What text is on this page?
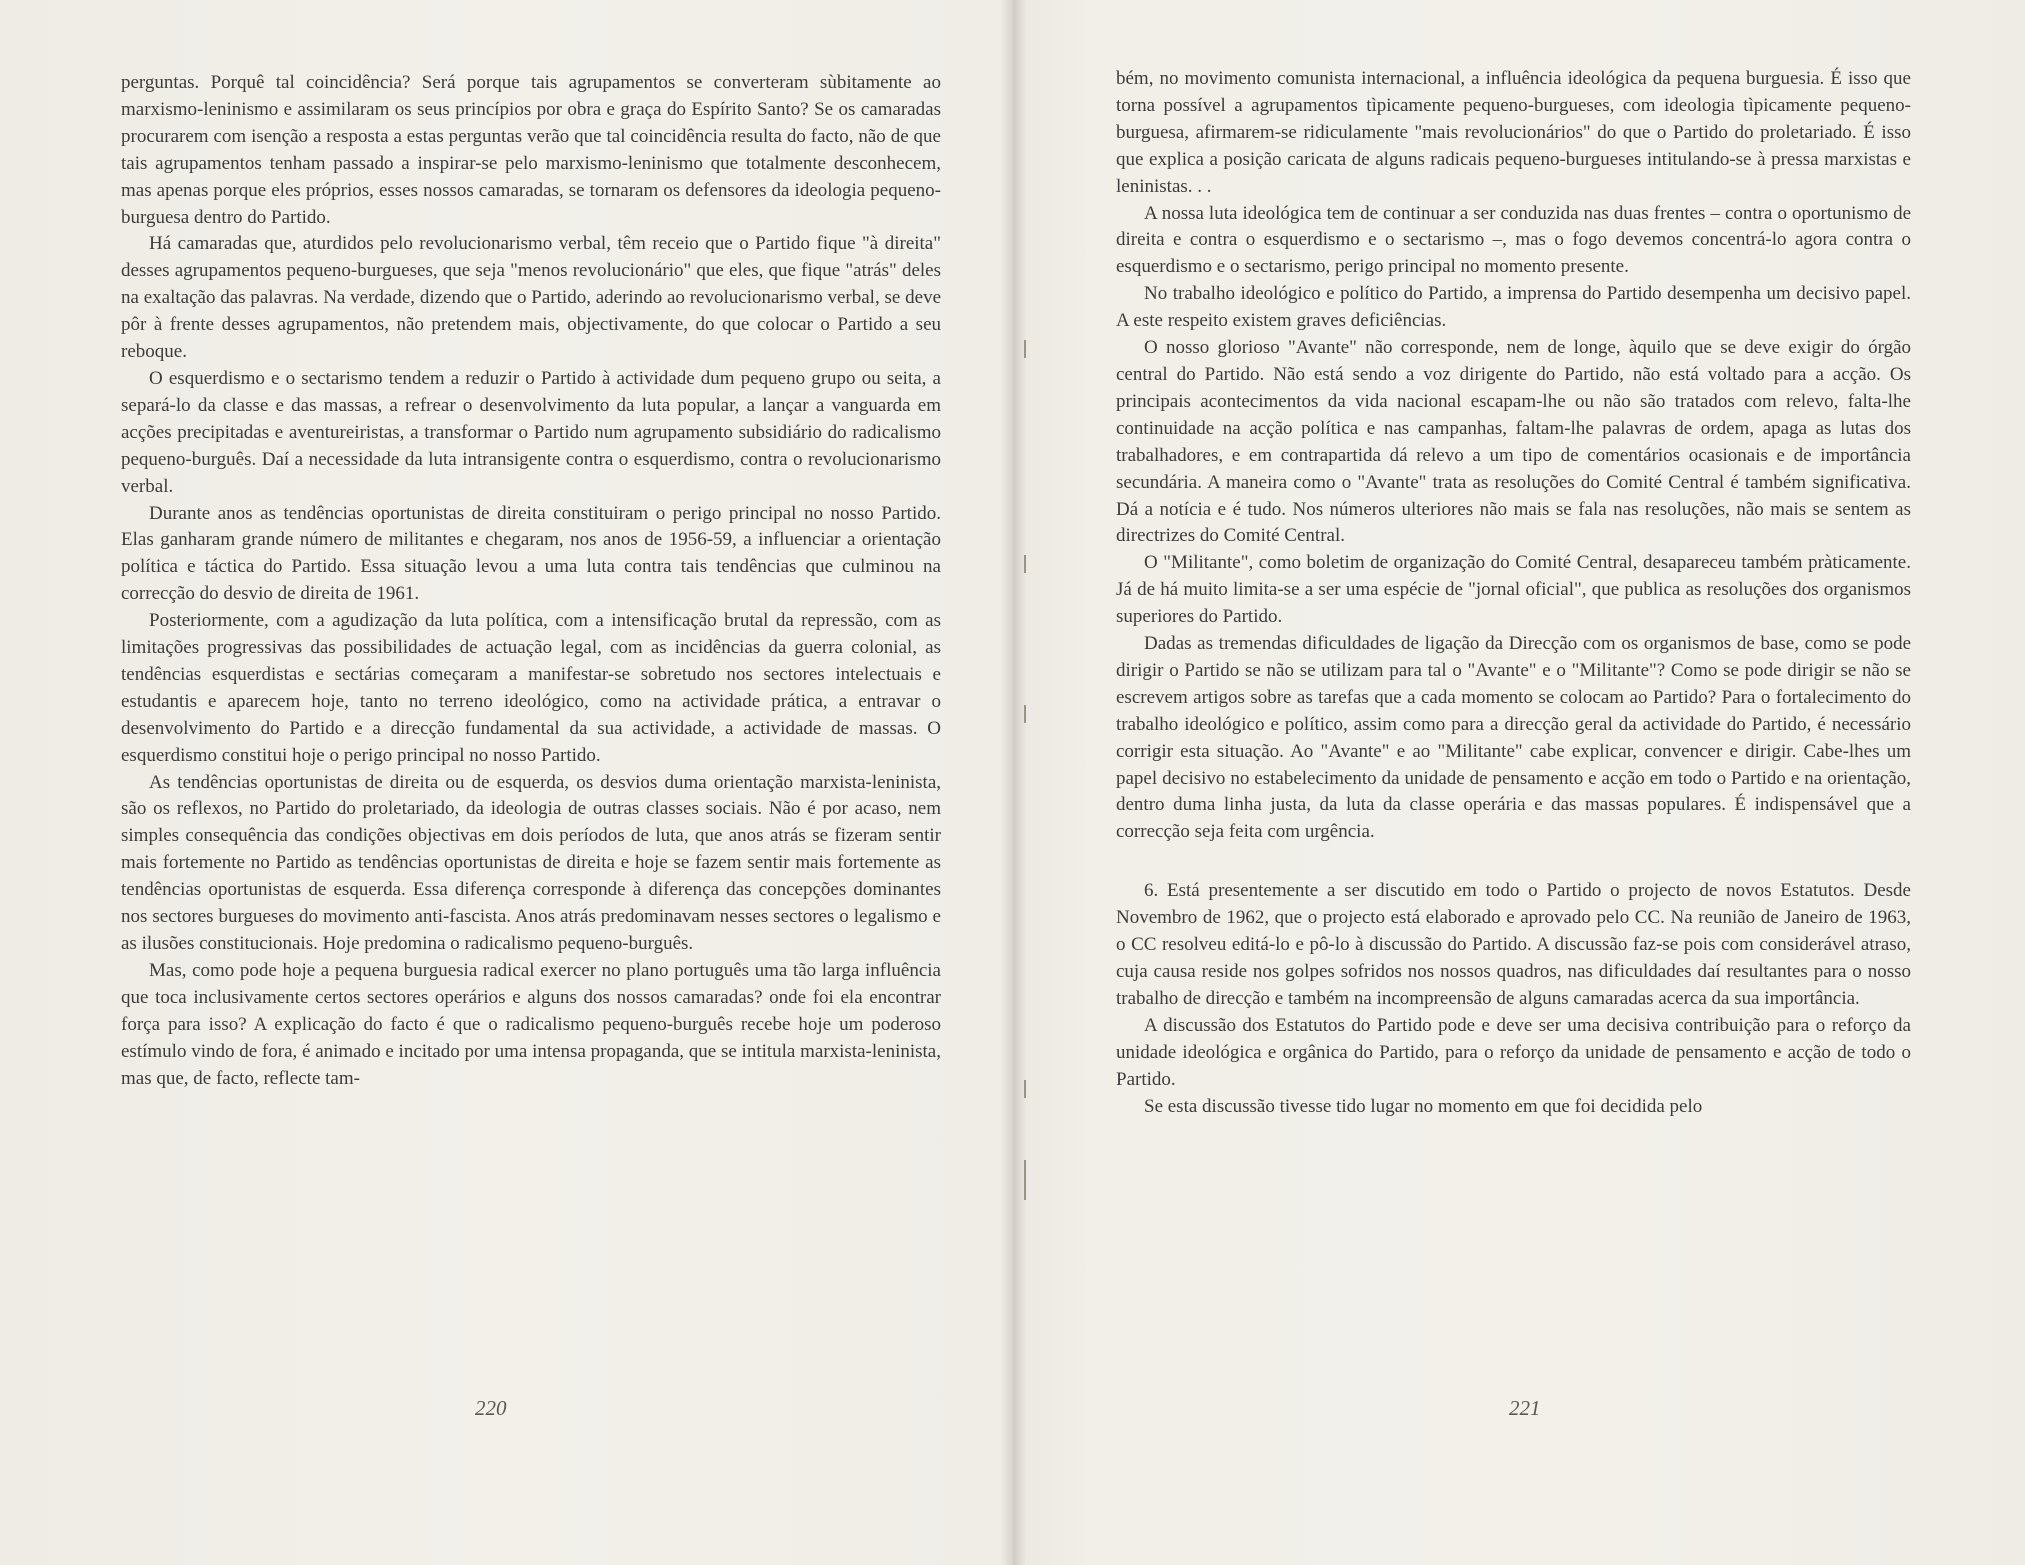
perguntas. Porquê tal coincidência? Será porque tais agrupamentos se converteram sùbitamente ao marxismo-leninismo e assimilaram os seus princípios por obra e graça do Espírito Santo? Se os camaradas procurarem com isenção a resposta a estas perguntas verão que tal coincidência resulta do facto, não de que tais agrupamentos tenham passado a inspirar-se pelo marxismo-leninismo que totalmente desconhecem, mas apenas porque eles próprios, esses nossos camaradas, se tornaram os defensores da ideologia pequeno-burguesa dentro do Partido.

Há camaradas que, aturdidos pelo revolucionarismo verbal, têm receio que o Partido fique "à direita" desses agrupamentos pequeno-burgueses, que seja "menos revolucionário" que eles, que fique "atrás" deles na exaltação das palavras. Na verdade, dizendo que o Partido, aderindo ao revolucionarismo verbal, se deve pôr à frente desses agrupamentos, não pretendem mais, objectivamente, do que colocar o Partido a seu reboque.

O esquerdismo e o sectarismo tendem a reduzir o Partido à actividade dum pequeno grupo ou seita, a separá-lo da classe e das massas, a refrear o desenvolvimento da luta popular, a lançar a vanguarda em acções precipitadas e aventureiristas, a transformar o Partido num agrupamento subsidiário do radicalismo pequeno-burguês. Daí a necessidade da luta intransigente contra o esquerdismo, contra o revolucionarismo verbal.

Durante anos as tendências oportunistas de direita constituiram o perigo principal no nosso Partido. Elas ganharam grande número de militantes e chegaram, nos anos de 1956-59, a influenciar a orientação política e táctica do Partido. Essa situação levou a uma luta contra tais tendências que culminou na correcção do desvio de direita de 1961.

Posteriormente, com a agudização da luta política, com a intensificação brutal da repressão, com as limitações progressivas das possibilidades de actuação legal, com as incidências da guerra colonial, as tendências esquerdistas e sectárias começaram a manifestar-se sobretudo nos sectores intelectuais e estudantis e aparecem hoje, tanto no terreno ideológico, como na actividade prática, a entravar o desenvolvimento do Partido e a direcção fundamental da sua actividade, a actividade de massas. O esquerdismo constitui hoje o perigo principal no nosso Partido.

As tendências oportunistas de direita ou de esquerda, os desvios duma orientação marxista-leninista, são os reflexos, no Partido do proletariado, da ideologia de outras classes sociais. Não é por acaso, nem simples consequência das condições objectivas em dois períodos de luta, que anos atrás se fizeram sentir mais fortemente no Partido as tendências oportunistas de direita e hoje se fazem sentir mais fortemente as tendências oportunistas de esquerda. Essa diferença corresponde à diferença das concepções dominantes nos sectores burgueses do movimento anti-fascista. Anos atrás predominavam nesses sectores o legalismo e as ilusões constitucionais. Hoje predomina o radicalismo pequeno-burguês.

Mas, como pode hoje a pequena burguesia radical exercer no plano português uma tão larga influência que toca inclusivamente certos sectores operários e alguns dos nossos camaradas? onde foi ela encontrar força para isso? A explicação do facto é que o radicalismo pequeno-burguês recebe hoje um poderoso estímulo vindo de fora, é animado e incitado por uma intensa propaganda, que se intitula marxista-leninista, mas que, de facto, reflecte tam-

220

bém, no movimento comunista internacional, a influência ideológica da pequena burguesia. É isso que torna possível a agrupamentos tìpicamente pequeno-burgueses, com ideologia tìpicamente pequeno-burguesa, afirmarem-se ridiculamente "mais revolucionários" do que o Partido do proletariado. É isso que explica a posição caricata de alguns radicais pequeno-burgueses intitulando-se à pressa marxistas e leninistas. . .

A nossa luta ideológica tem de continuar a ser conduzida nas duas frentes – contra o oportunismo de direita e contra o esquerdismo e o sectarismo –, mas o fogo devemos concentrá-lo agora contra o esquerdismo e o sectarismo, perigo principal no momento presente.

No trabalho ideológico e político do Partido, a imprensa do Partido desempenha um decisivo papel. A este respeito existem graves deficiências.

O nosso glorioso "Avante" não corresponde, nem de longe, àquilo que se deve exigir do órgão central do Partido. Não está sendo a voz dirigente do Partido, não está voltado para a acção. Os principais acontecimentos da vida nacional escapam-lhe ou não são tratados com relevo, falta-lhe continuidade na acção política e nas campanhas, faltam-lhe palavras de ordem, apaga as lutas dos trabalhadores, e em contrapartida dá relevo a um tipo de comentários ocasionais e de importância secundária. A maneira como o "Avante" trata as resoluções do Comité Central é também significativa. Dá a notícia e é tudo. Nos números ulteriores não mais se fala nas resoluções, não mais se sentem as directrizes do Comité Central.

O "Militante", como boletim de organização do Comité Central, desapareceu também pràticamente. Já de há muito limita-se a ser uma espécie de "jornal oficial", que publica as resoluções dos organismos superiores do Partido.

Dadas as tremendas dificuldades de ligação da Direcção com os organismos de base, como se pode dirigir o Partido se não se utilizam para tal o "Avante" e o "Militante"? Como se pode dirigir se não se escrevem artigos sobre as tarefas que a cada momento se colocam ao Partido? Para o fortalecimento do trabalho ideológico e político, assim como para a direcção geral da actividade do Partido, é necessário corrigir esta situação. Ao "Avante" e ao "Militante" cabe explicar, convencer e dirigir. Cabe-lhes um papel decisivo no estabelecimento da unidade de pensamento e acção em todo o Partido e na orientação, dentro duma linha justa, da luta da classe operária e das massas populares. É indispensável que a correcção seja feita com urgência.

6. Está presentemente a ser discutido em todo o Partido o projecto de novos Estatutos. Desde Novembro de 1962, que o projecto está elaborado e aprovado pelo CC. Na reunião de Janeiro de 1963, o CC resolveu editá-lo e pô-lo à discussão do Partido. A discussão faz-se pois com considerável atraso, cuja causa reside nos golpes sofridos nos nossos quadros, nas dificuldades daí resultantes para o nosso trabalho de direcção e também na incompreensão de alguns camaradas acerca da sua importância.

A discussão dos Estatutos do Partido pode e deve ser uma decisiva contribuição para o reforço da unidade ideológica e orgânica do Partido, para o reforço da unidade de pensamento e acção de todo o Partido.

Se esta discussão tivesse tido lugar no momento em que foi decidida pelo

221
